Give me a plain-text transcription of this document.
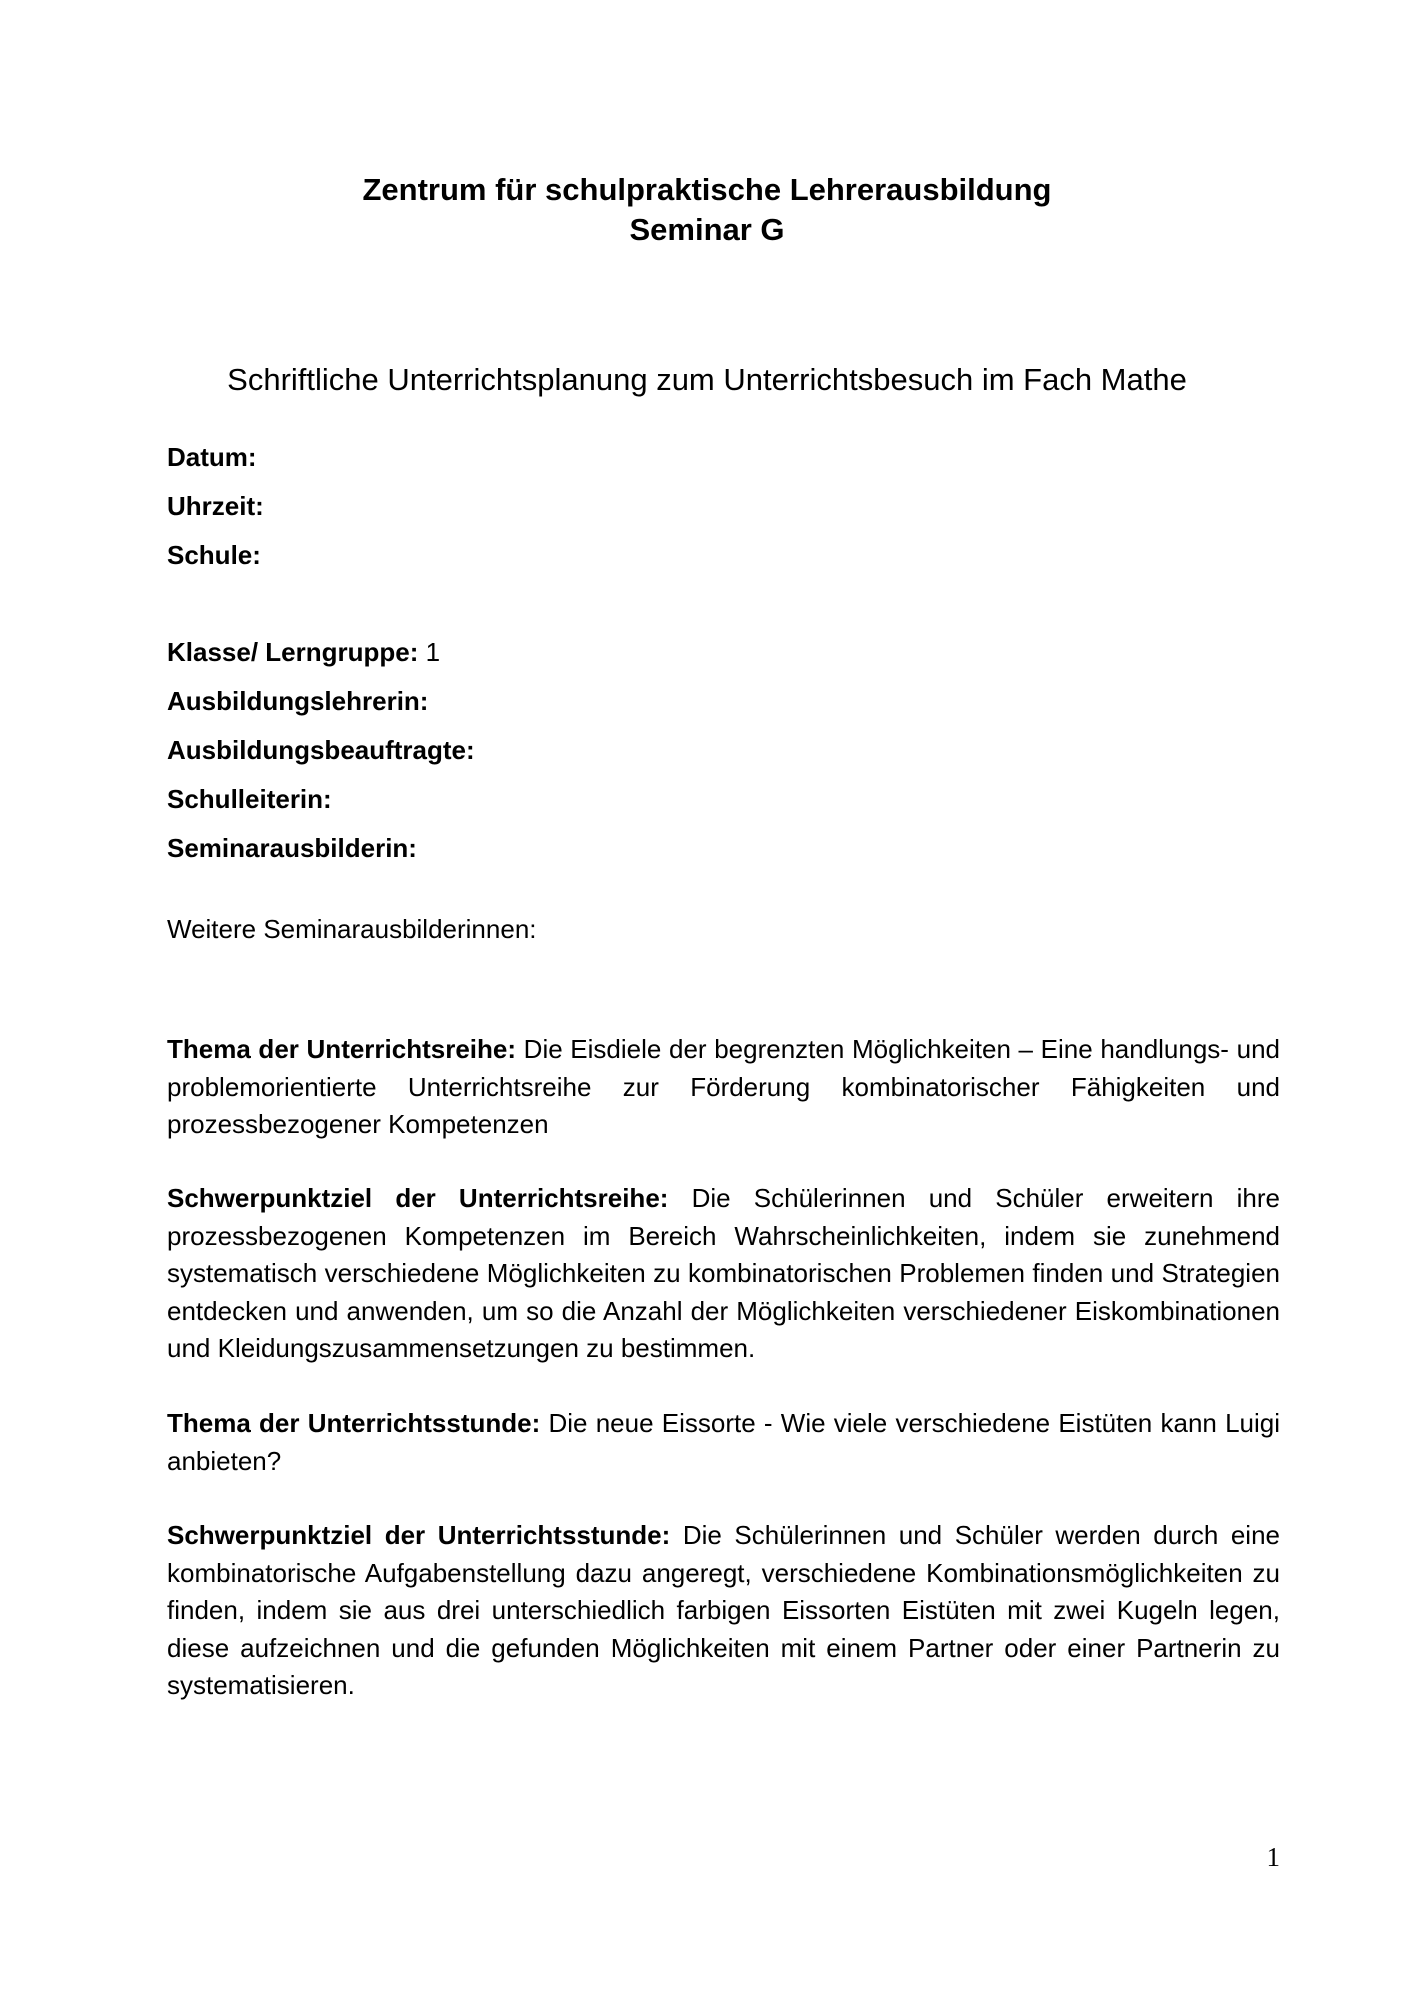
Zentrum für schulpraktische Lehrerausbildung
Seminar G
Schriftliche Unterrichtsplanung zum Unterrichtsbesuch im Fach Mathe
Datum:
Uhrzeit:
Schule:
Klasse/ Lerngruppe: 1
Ausbildungslehrerin:
Ausbildungsbeauftragte:
Schulleiterin:
Seminarausbilderin:
Weitere Seminarausbilderinnen:
Thema der Unterrichtsreihe: Die Eisdiele der begrenzten Möglichkeiten – Eine handlungs- und problemorientierte Unterrichtsreihe zur Förderung kombinatorischer Fähigkeiten und prozessbezogener Kompetenzen
Schwerpunktziel der Unterrichtsreihe: Die Schülerinnen und Schüler erweitern ihre prozessbezogenen Kompetenzen im Bereich Wahrscheinlichkeiten, indem sie zunehmend systematisch verschiedene Möglichkeiten zu kombinatorischen Problemen finden und Strategien entdecken und anwenden, um so die Anzahl der Möglichkeiten verschiedener Eiskombinationen und Kleidungszusammensetzungen zu bestimmen.
Thema der Unterrichtsstunde: Die neue Eissorte - Wie viele verschiedene Eistüten kann Luigi anbieten?
Schwerpunktziel der Unterrichtsstunde: Die Schülerinnen und Schüler werden durch eine kombinatorische Aufgabenstellung dazu angeregt, verschiedene Kombinationsmöglichkeiten zu finden, indem sie aus drei unterschiedlich farbigen Eissorten Eistüten mit zwei Kugeln legen, diese aufzeichnen und die gefunden Möglichkeiten mit einem Partner oder einer Partnerin zu systematisieren.
1
